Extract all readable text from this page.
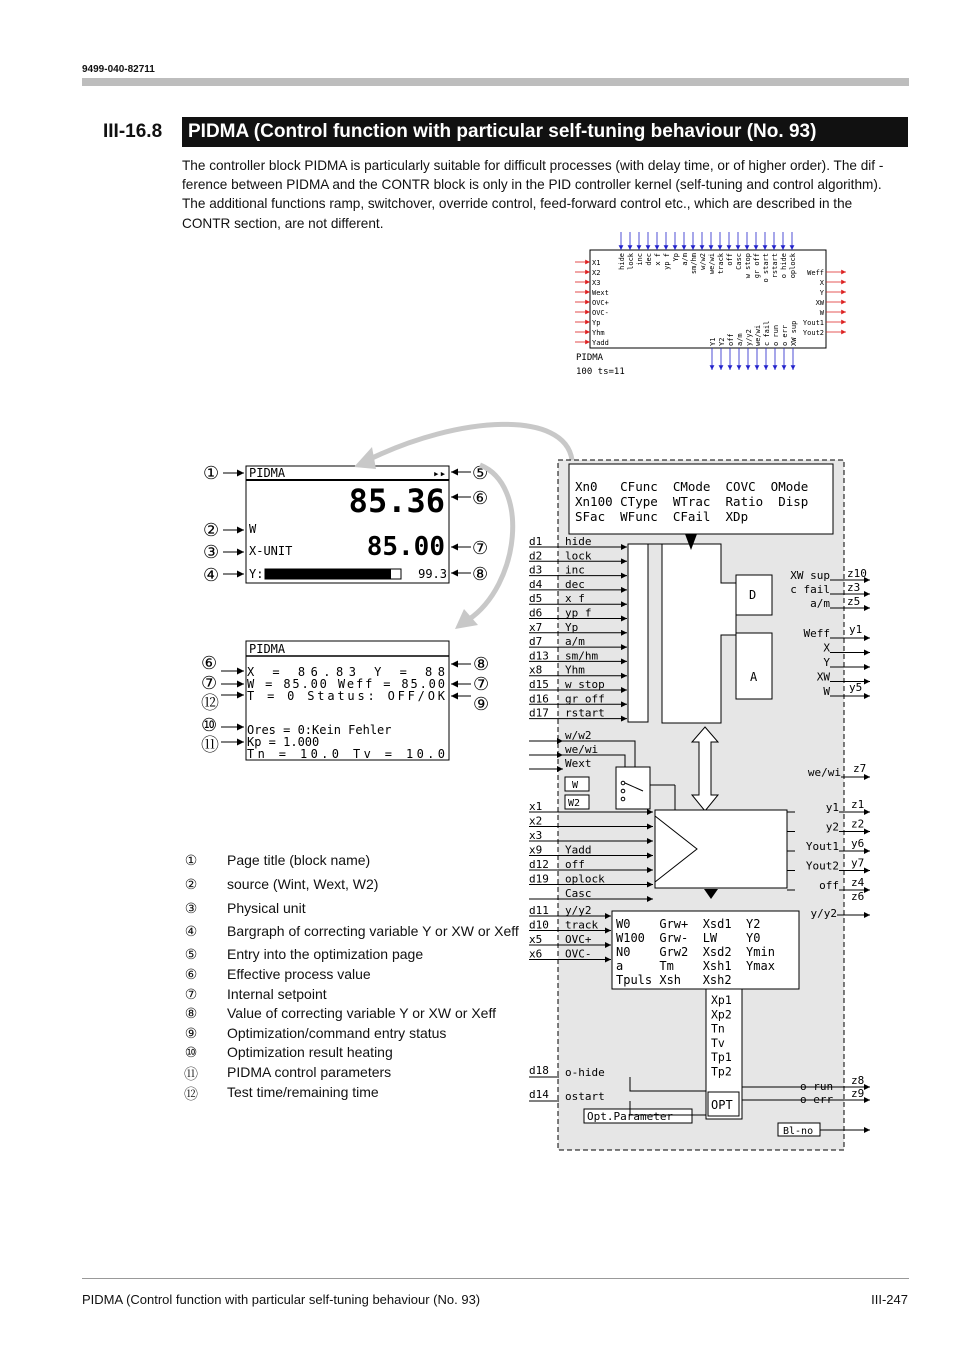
9499-040-82711
III-16.8	PIDMA (Control function with particular self-tuning behaviour (No. 93)
The controller block PIDMA is particularly suitable for difficult processes (with delay time, or of higher order). The dif - ference between PIDMA and the CONTR block is only in the PID controller kernel (self-tuning and control algorithm). The additional functions ramp, switchover, override control, feed-forward control etc., which are described in the CONTR section, are not different.
X1
X2
X3
Wext
OVC+
OVC-
Yp
Yhm
Yadd
hide lock inc dec x f yp f Yp a/m sm/hm w/w2 we/wi track off Casc w stop gr off o start rstart o hide oplock Weff
X
Y
XW
W
Yout1
Yout2
Y1 Y2 off a/m y/y2 we/wi c fail o run o err XW sup
PIDMA
100 ts=11
PIDMA	▸▸
85.36
W
X-UNIT	85.00
Y:	99.3
①
②
③
④
⑤
⑥
⑦
⑧
PIDMA
X = 86.83 Y = 88
W = 85.00 Weff = 85.00
T = 0 Status: OFF/OK
Ores = 0:Kein Fehler
Kp = 1.000
Tn = 10.0 Tv = 10.0
⑥
⑦
⑫
⑩
⑪
⑧
⑦
⑨
①	Page title (block name)
②	source (Wint, Wext, W2)
③	Physical unit
④	Bargraph of correcting variable Y or XW or Xeff
⑤	Entry into the optimization page
⑥	Effective process value
⑦	Internal setpoint
⑧	Value of correcting variable Y or XW or Xeff
⑨	Optimization/command entry status
⑩	Optimization result heating
⑪ PIDMA control parameters
⑫ Test time/remaining time
Xn0   CFunc  CMode  COVC  OMode
Xn100 CType  WTrac  Ratio  Disp
SFac  WFunc  CFail  XDp
D
A
W
W2
W0    Grw+  Xsd1  Y2
W100  Grw-  LW    Y0
N0    Grw2  Xsd2  Ymin
a     Tm    Xsh1  Ymax
Tpuls Xsh   Xsh2
Xp1
Xp2
Tn
Tv
Tp1
Tp2
OPT
Opt.Parameter
Bl-no
d1 hide
d2 lock
d3 inc
d4 dec
d5 x f
d6 yp f
x7 Yp
d7 a/m
d13 sm/hm
x8 Yhm
d15 w stop
d16 gr off
d17 rstart
w/w2
we/wi
Wext
x1
x2
x3
x9 Yadd
d12 off
d19 oplock
Casc
d11 y/y2
d10 track
x5 OVC+
x6 OVC-
d18 o-hide
d14 ostart
XW sup z10
c fail z3
a/m z5
Weff y1
X
Y
XW
W y5
we/wi z7
y1 z1
y2 z2
Yout1 y6
Yout2 y7
off z4
y/y2
z6
o run z8
o err z9
PIDMA (Control function with particular self-tuning behaviour (No. 93)	III-247
